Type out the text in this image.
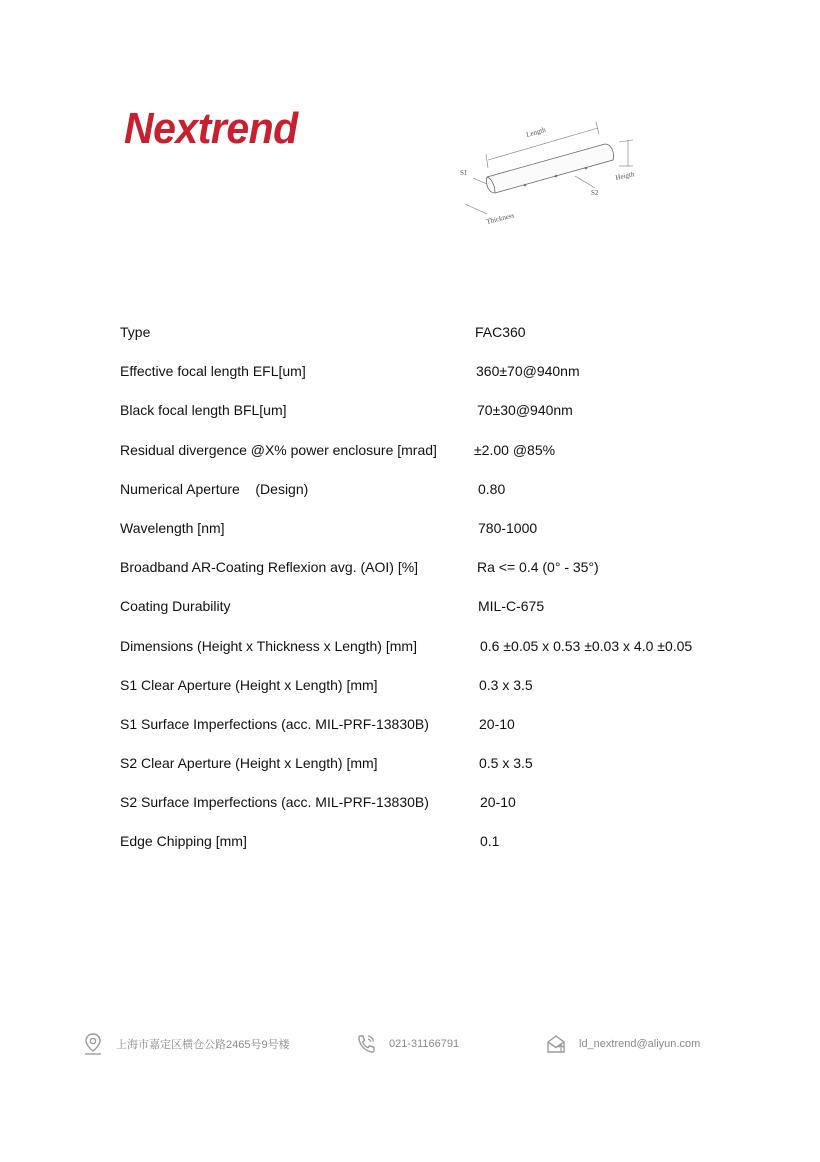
Nextrend	Length
S1
S2
Heigth
Thickness
Type	FAC360
Effective focal length EFL[um]	360±70@940nm
Black focal length BFL[um]	70±30@940nm
Residual divergence @X% power enclosure [mrad]	±2.00 @85%
Numerical Aperture    (Design)	0.80
Wavelength [nm]	780-1000
Broadband AR-Coating Reflexion avg. (AOI) [%]	Ra <= 0.4 (0° - 35°)
Coating Durability	MIL-C-675
Dimensions (Height x Thickness x Length) [mm]	0.6 ±0.05 x 0.53 ±0.03 x 4.0 ±0.05
S1 Clear Aperture (Height x Length) [mm]	0.3 x 3.5
S1 Surface Imperfections (acc. MIL-PRF-13830B)	20-10
S2 Clear Aperture (Height x Length) [mm]	0.5 x 3.5
S2 Surface Imperfections (acc. MIL-PRF-13830B)	20-10
Edge Chipping [mm]	0.1
上海市嘉定区横仓公路2465号9号楼	021-31166791	ld_nextrend@aliyun.com
